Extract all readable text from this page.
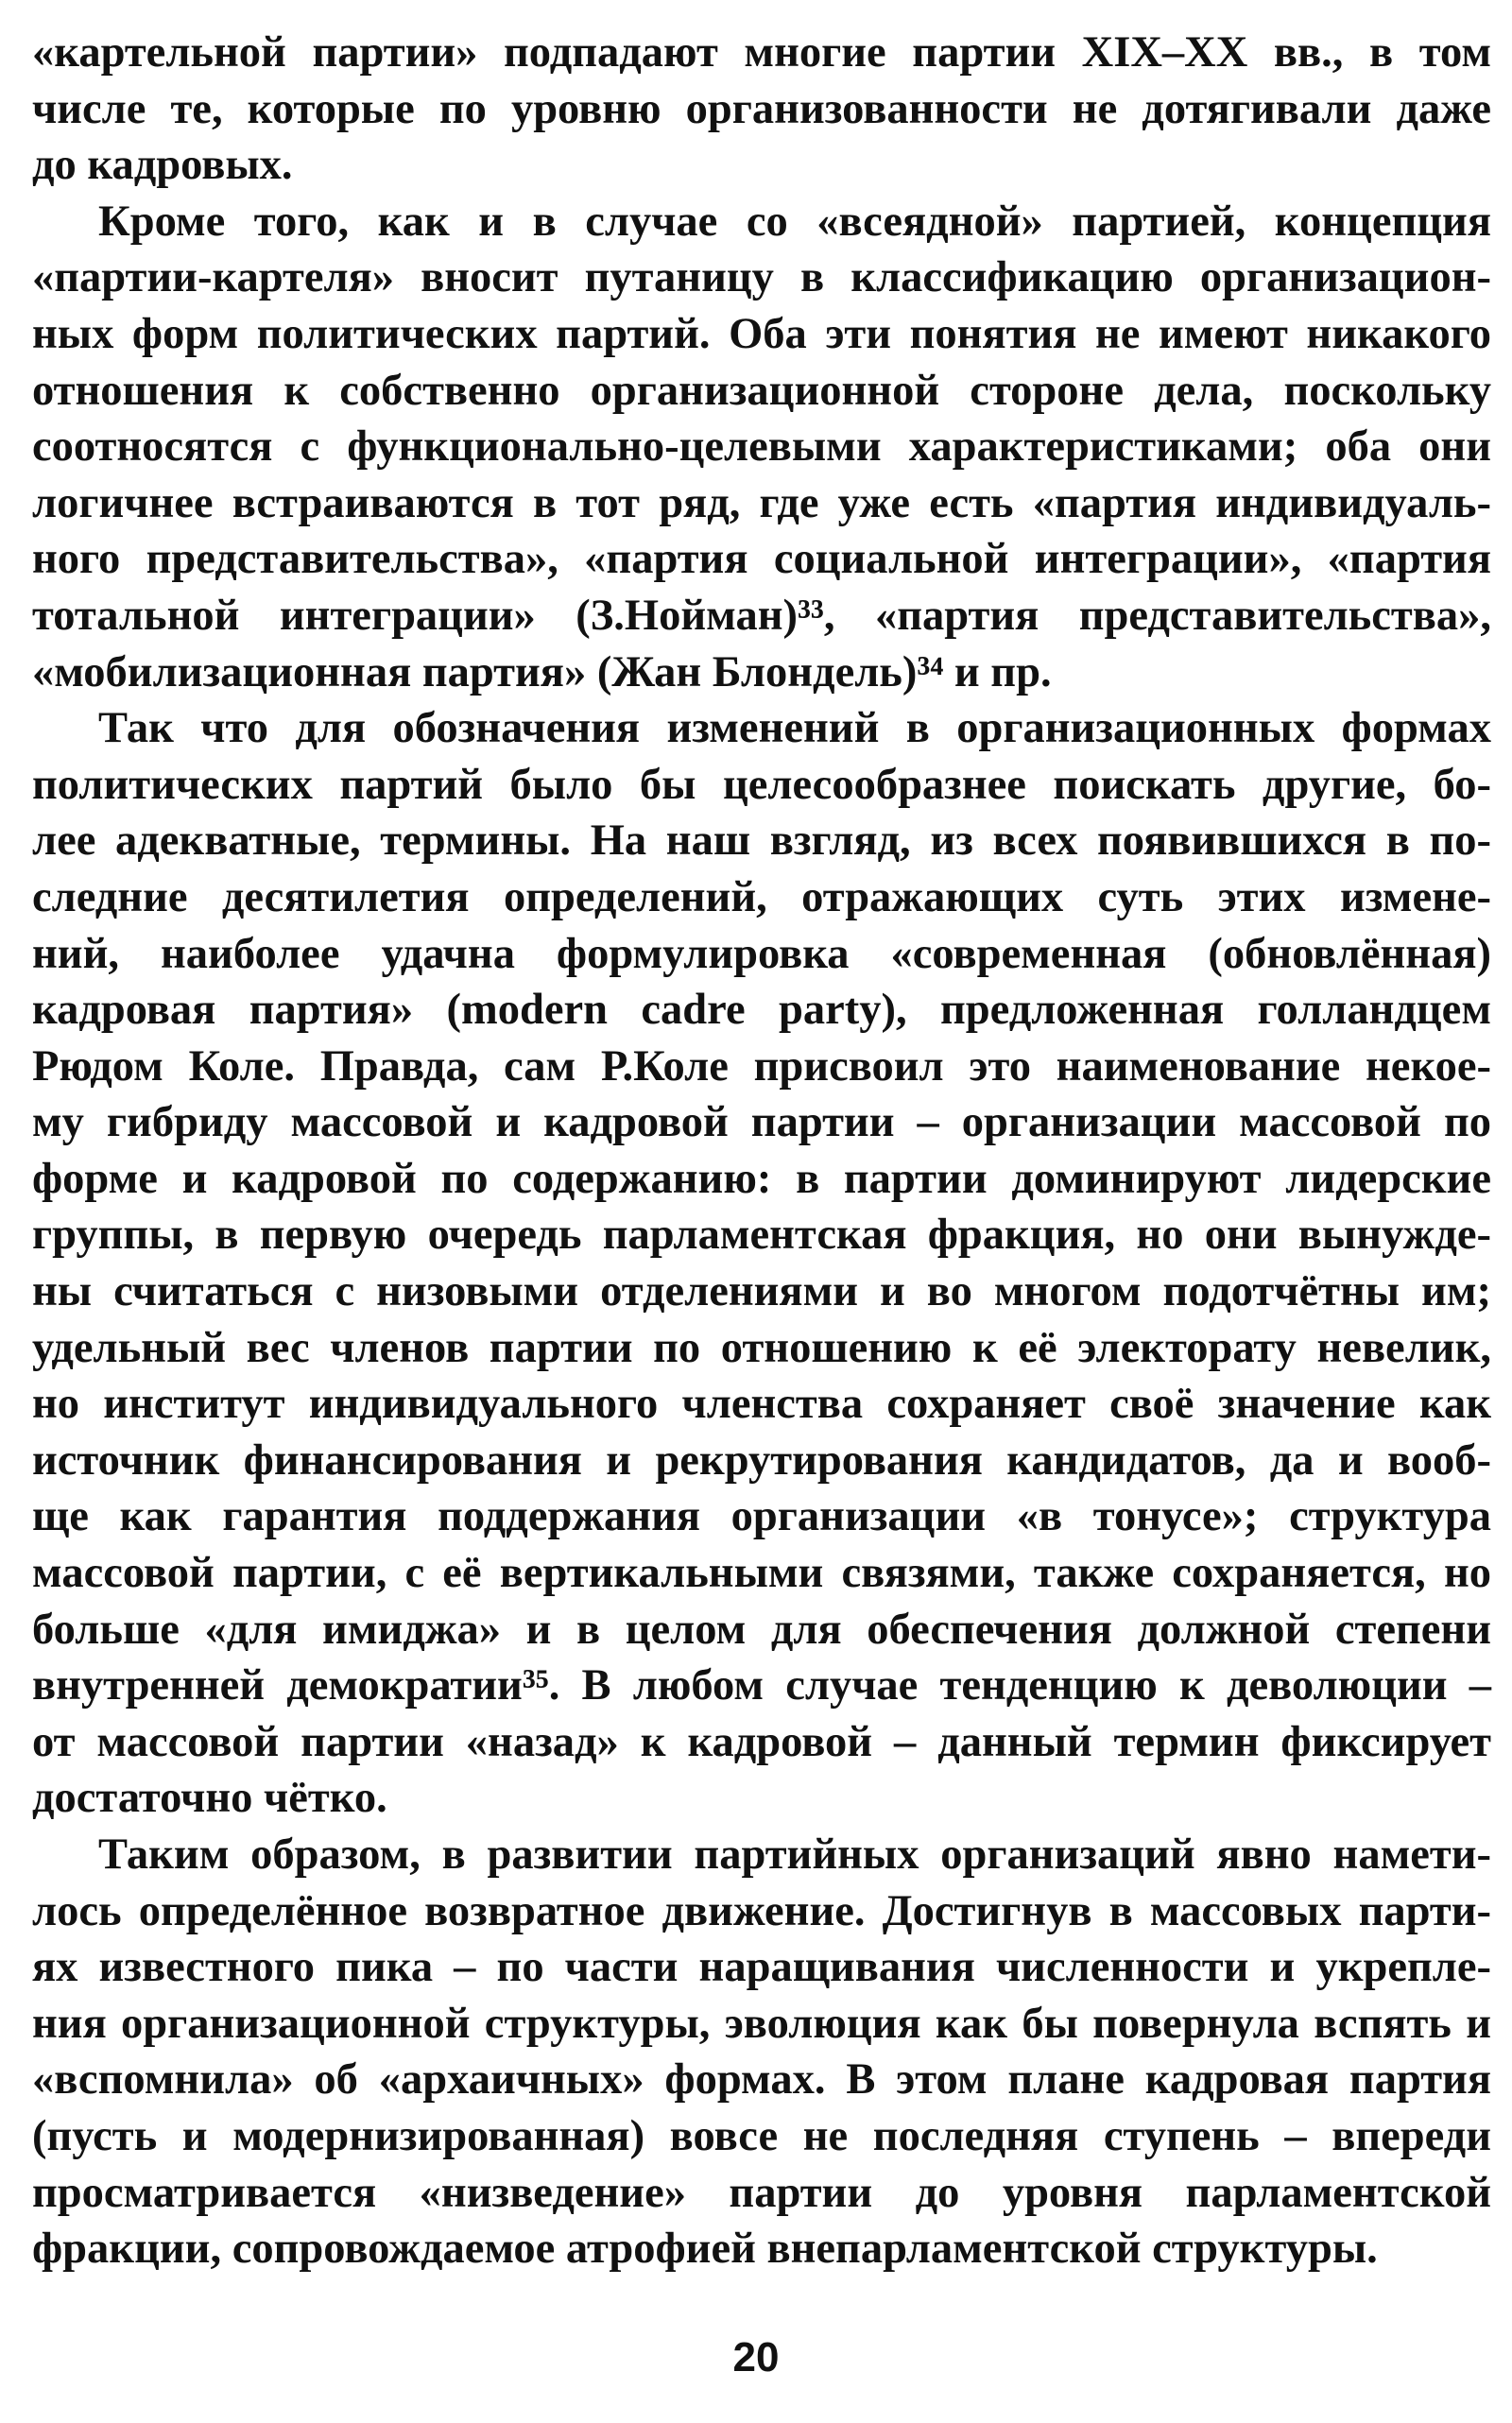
«картельной партии» подпадают многие партии XIX–XX вв., в том
числе те, которые по уровню организованности не дотягивали даже
до кадровых.
Кроме того, как и в случае со «всеядной» партией, концепция
«партии-картеля» вносит путаницу в классификацию организацион-
ных форм политических партий. Оба эти понятия не имеют никакого
отношения к собственно организационной стороне дела, поскольку
соотносятся с функционально-целевыми характеристиками; оба они
логичнее встраиваются в тот ряд, где уже есть «партия индивидуаль-
ного представительства», «партия социальной интеграции», «партия
тотальной интеграции» (З.Нойман)³³, «партия представительства»,
«мобилизационная партия» (Жан Блондель)³⁴ и пр.
Так что для обозначения изменений в организационных формах
политических партий было бы целесообразнее поискать другие, бо-
лее адекватные, термины. На наш взгляд, из всех появившихся в по-
следние десятилетия определений, отражающих суть этих измене-
ний, наиболее удачна формулировка «современная (обновлённая)
кадровая партия» (modern cadre party), предложенная голландцем
Рюдом Коле. Правда, сам Р.Коле присвоил это наименование некое-
му гибриду массовой и кадровой партии – организации массовой по
форме и кадровой по содержанию: в партии доминируют лидерские
группы, в первую очередь парламентская фракция, но они вынужде-
ны считаться с низовыми отделениями и во многом подотчётны им;
удельный вес членов партии по отношению к её электорату невелик,
но институт индивидуального членства сохраняет своё значение как
источник финансирования и рекрутирования кандидатов, да и вооб-
ще как гарантия поддержания организации «в тонусе»; структура
массовой партии, с её вертикальными связями, также сохраняется, но
больше «для имиджа» и в целом для обеспечения должной степени
внутренней демократии³⁵. В любом случае тенденцию к деволюции –
от массовой партии «назад» к кадровой – данный термин фиксирует
достаточно чётко.
Таким образом, в развитии партийных организаций явно намети-
лось определённое возвратное движение. Достигнув в массовых парти-
ях известного пика – по части наращивания численности и укрепле-
ния организационной структуры, эволюция как бы повернула вспять и
«вспомнила» об «архаичных» формах. В этом плане кадровая партия
(пусть и модернизированная) вовсе не последняя ступень – впереди
просматривается «низведение» партии до уровня парламентской
фракции, сопровождаемое атрофией внепарламентской структуры.
20
